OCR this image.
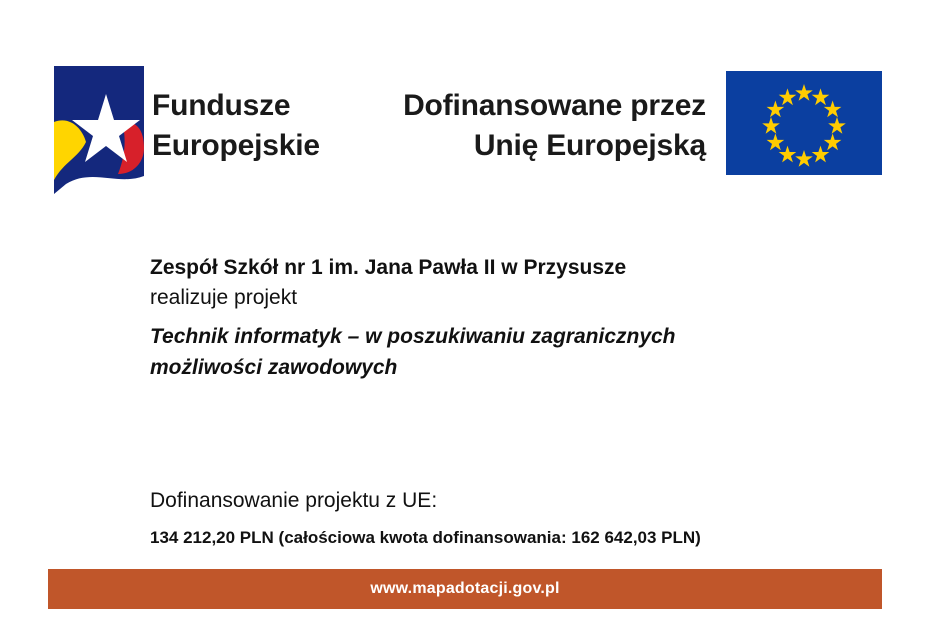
Fundusze
Europejskie
Dofinansowane przez
Unię Europejską
Zespół Szkół nr 1 im. Jana Pawła II w Przysusze
realizuje projekt
Technik informatyk – w poszukiwaniu zagranicznych możliwości zawodowych
Dofinansowanie projektu z UE:
134 212,20 PLN (całościowa kwota dofinansowania: 162 642,03 PLN)
www.mapadotacji.gov.pl
